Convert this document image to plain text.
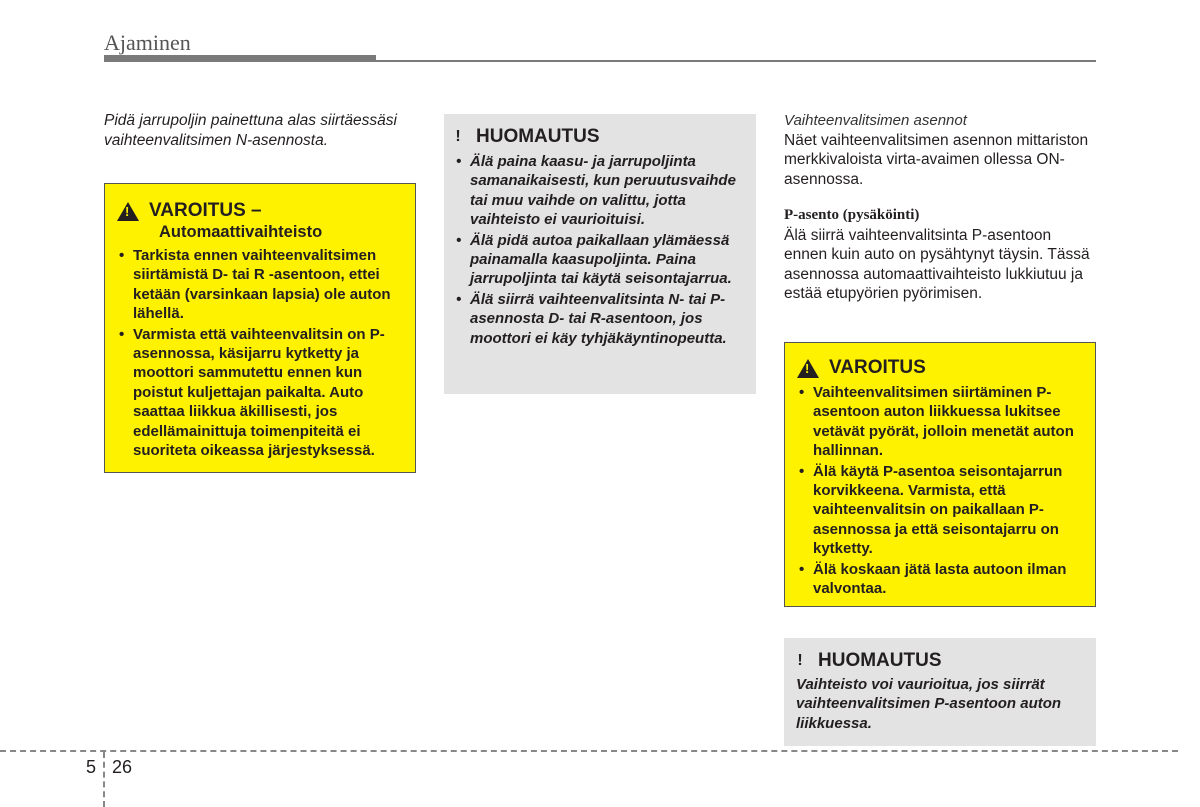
Ajaminen
Pidä jarrupoljin painettuna alas siirtäessäsi vaihteenvalitsimen N-asennosta.
!
VAROITUS –
Automaattivaihteisto
• Tarkista ennen vaihteenvalitsimen siirtämistä D- tai R -asentoon, ettei ketään (varsinkaan lapsia) ole auton lähellä.
• Varmista että vaihteenvalitsin on P-asennossa, käsijarru kytketty ja moottori sammutettu ennen kun poistut kuljettajan paikalta. Auto saattaa liikkua äkillisesti, jos edellämainittuja toimenpiteitä ei suoriteta oikeassa järjestyksessä.
! HUOMAUTUS
• Älä paina kaasu- ja jarrupoljinta samanaikaisesti, kun peruutusvaihde tai muu vaihde on valittu, jotta vaihteisto ei vaurioituisi.
• Älä pidä autoa paikallaan ylämäessä painamalla kaasupoljinta. Paina jarrupoljinta tai käytä seisontajarrua.
• Älä siirrä vaihteenvalitsinta N- tai P-asennosta D- tai R-asentoon, jos moottori ei käy tyhjäkäyntinopeutta.
Vaihteenvalitsimen asennot
Näet vaihteenvalitsimen asennon mittariston merkkivaloista virta-avaimen ollessa ON-asennossa.
P-asento (pysäköinti)
Älä siirrä vaihteenvalitsinta P-asentoon ennen kuin auto on pysähtynyt täysin. Tässä asennossa automaattivaihteisto lukkiutuu ja estää etupyörien pyörimisen.
!
VAROITUS
• Vaihteenvalitsimen siirtäminen P-asentoon auton liikkuessa lukitsee vetävät pyörät, jolloin menetät auton hallinnan.
• Älä käytä P-asentoa seisontajarrun korvikkeena. Varmista, että vaihteenvalitsin on paikallaan P-asennossa ja että seisontajarru on kytketty.
• Älä koskaan jätä lasta autoon ilman valvontaa.
! HUOMAUTUS
Vaihteisto voi vaurioitua, jos siirrät vaihteenvalitsimen P-asentoon auton liikkuessa.
5 26
